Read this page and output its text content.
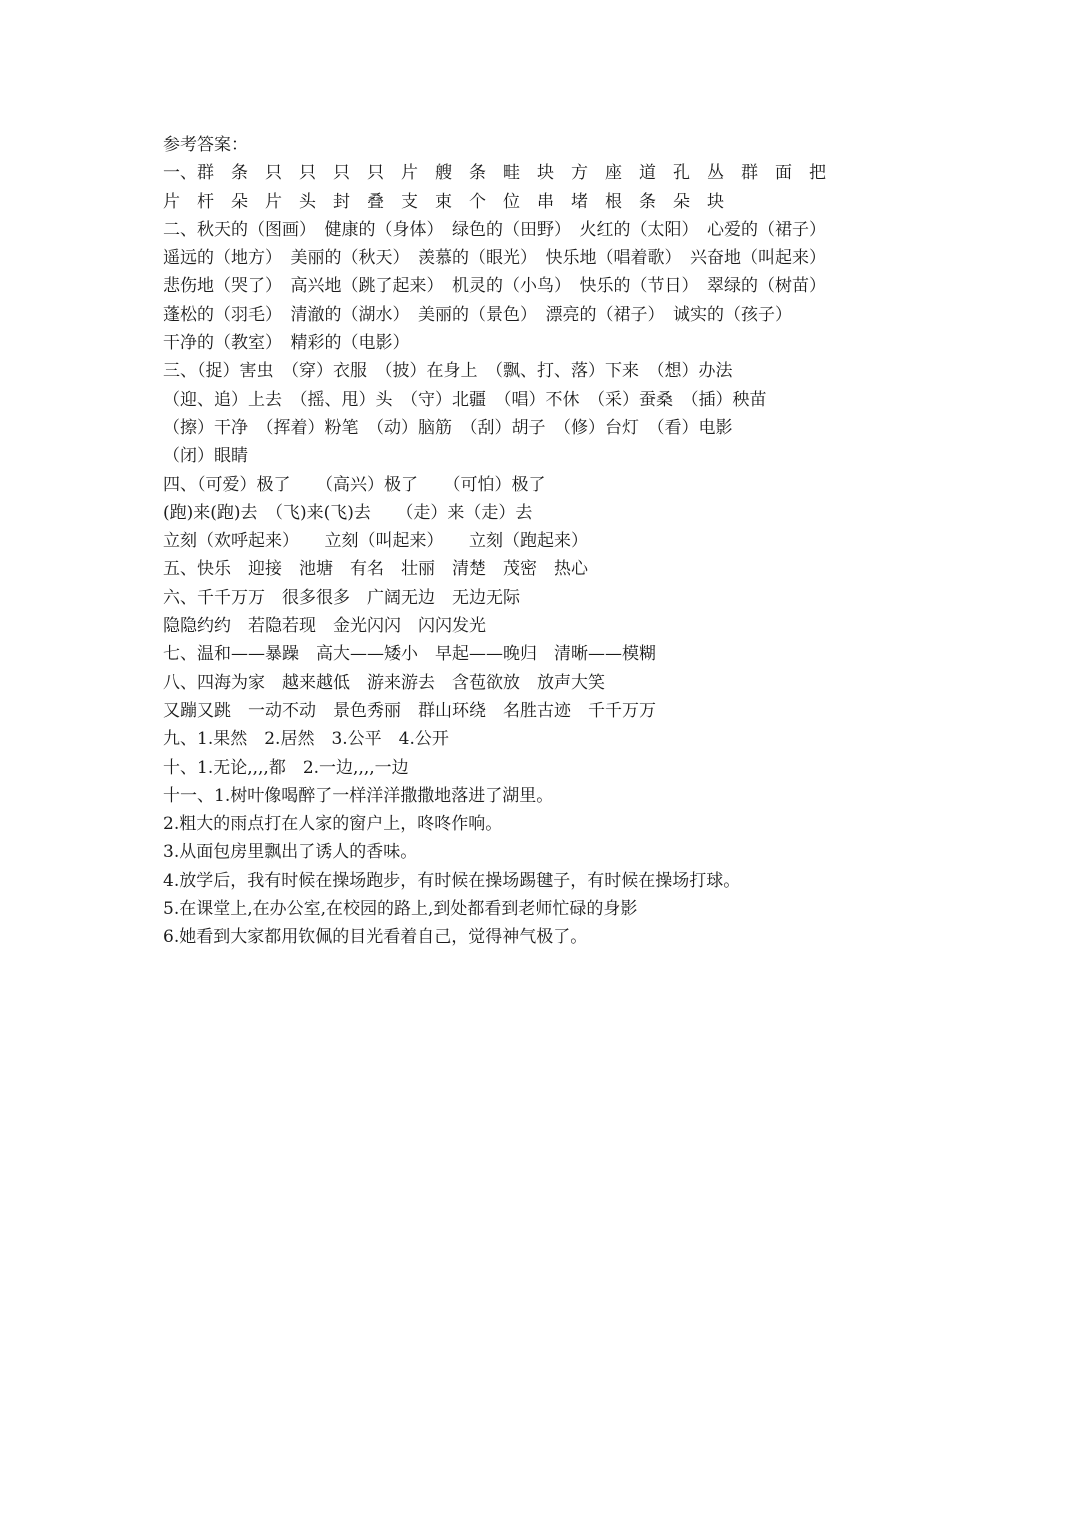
参考答案：
一、群　条　只　只　只　只　片　艘　条　畦　块　方　座　道　孔　丛　群　面　把
片　杆　朵　片　头　封　叠　支　束　个　位　串　堵　根　条　朵　块
二、秋天的（图画）　健康的（身体）　绿色的（田野）　火红的（太阳）　心爱的（裙子）
遥远的（地方）　美丽的（秋天）　羡慕的（眼光）　快乐地（唱着歌）　兴奋地（叫起来）
悲伤地（哭了）　高兴地（跳了起来）　机灵的（小鸟）　快乐的（节日）　翠绿的（树苗）
蓬松的（羽毛）　清澈的（湖水）　美丽的（景色）　漂亮的（裙子）　诚实的（孩子）
干净的（教室）　精彩的（电影）
三、（捉）害虫　（穿）衣服　（披）在身上　（飘、打、落）下来　（想）办法
（迎、追）上去　（摇、甩）头　（守）北疆　（唱）不休　（采）蚕桑　（插）秧苗
（擦）干净　（挥着）粉笔　（动）脑筋　（刮）胡子　（修）台灯　（看）电影
（闭）眼睛
四、（可爱）极了　　（高兴）极了　　（可怕）极了
(跑)来(跑)去　（飞)来(飞)去　　（走）来（走）去
立刻（欢呼起来）　　立刻（叫起来）　　立刻（跑起来）
五、快乐　迎接　池塘　有名　壮丽　清楚　茂密　热心
六、千千万万　很多很多　广阔无边　无边无际
隐隐约约　若隐若现　金光闪闪　闪闪发光
七、温和——暴躁　高大——矮小　早起——晚归　清晰——模糊
八、四海为家　越来越低　游来游去　含苞欲放　放声大笑
又蹦又跳　一动不动　景色秀丽　群山环绕　名胜古迹　千千万万
九、1.果然　2.居然　3.公平　4.公开
十、1.无论,,,,都　2.一边,,,,一边
十一、1.树叶像喝醉了一样洋洋撒撒地落进了湖里。
2.粗大的雨点打在人家的窗户上，咚咚作响。
3.从面包房里飘出了诱人的香味。
4.放学后，我有时候在操场跑步，有时候在操场踢毽子，有时候在操场打球。
5.在课堂上,在办公室,在校园的路上,到处都看到老师忙碌的身影
6.她看到大家都用钦佩的目光看着自己，觉得神气极了。
